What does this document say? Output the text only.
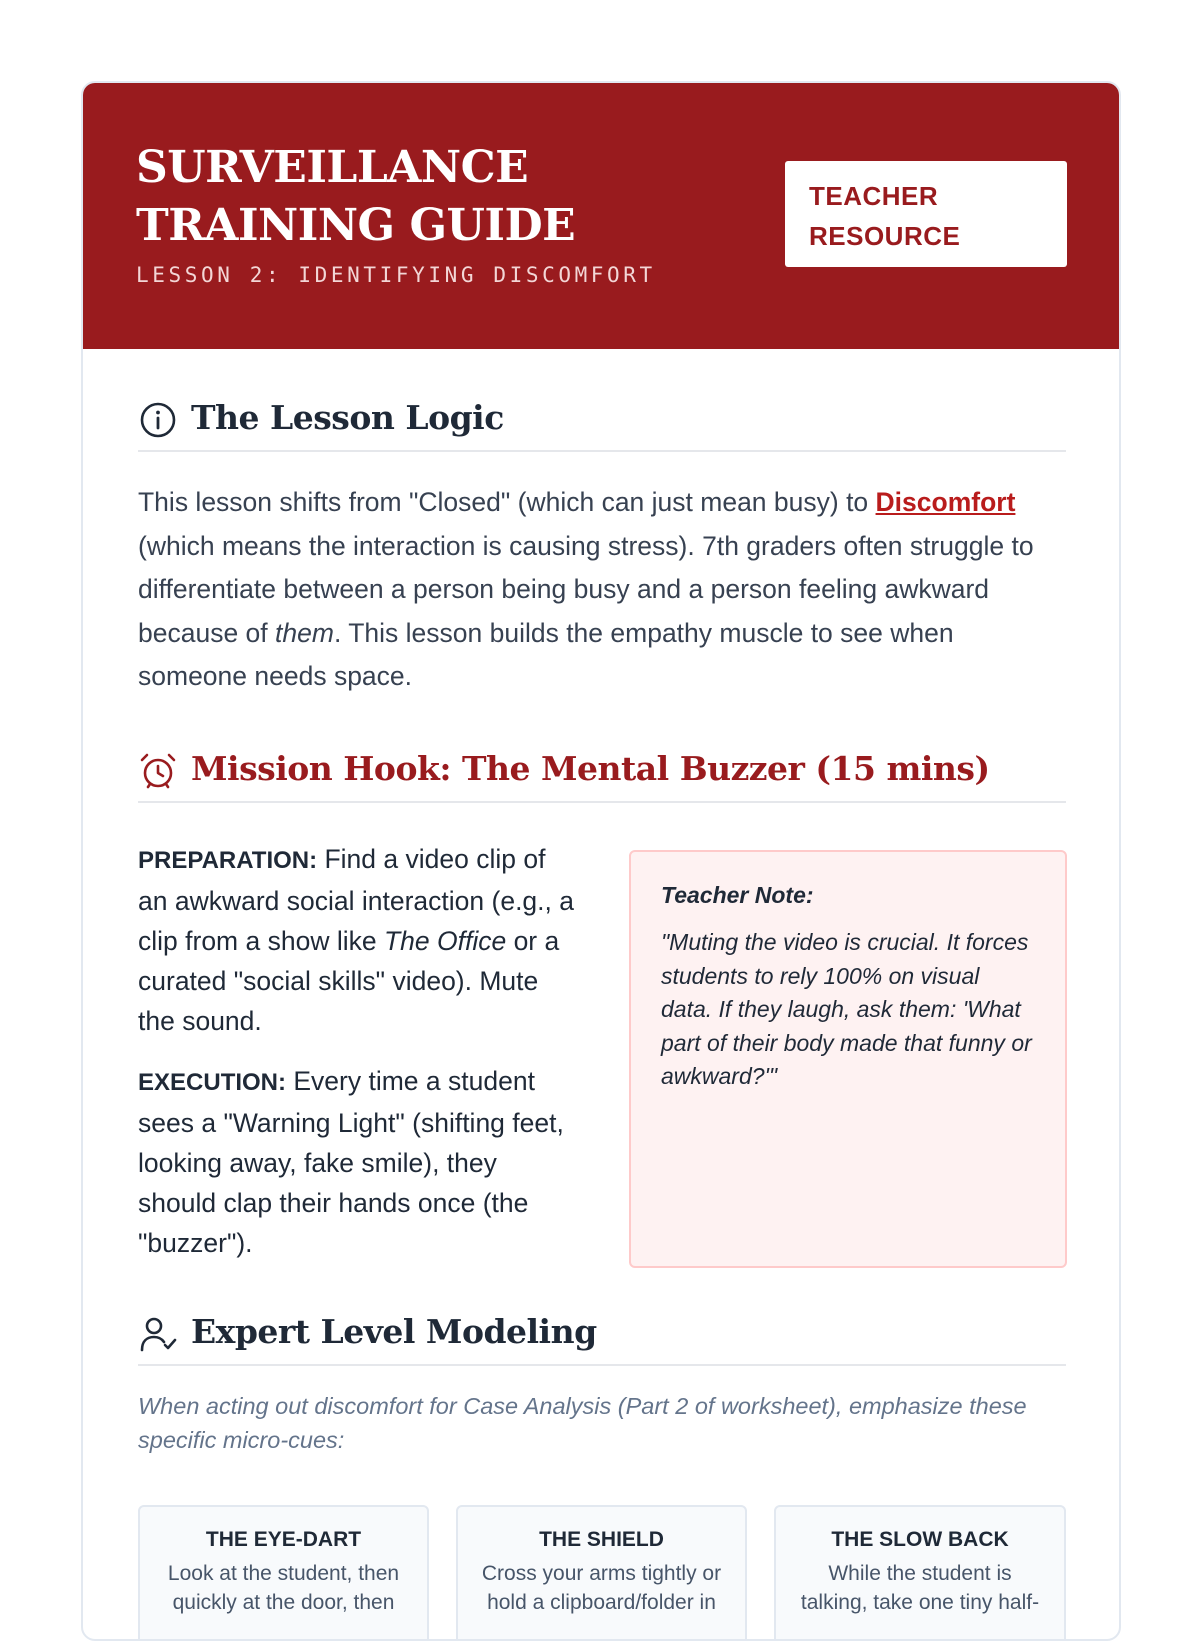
SURVEILLANCE TRAINING GUIDE
LESSON 2: IDENTIFYING DISCOMFORT
TEACHER RESOURCE
The Lesson Logic

This lesson shifts from "Closed" (which can just mean busy) to Discomfort (which means the interaction is causing stress). 7th graders often struggle to differentiate between a person being busy and a person feeling awkward because of them. This lesson builds the empathy muscle to see when someone needs space.

Mission Hook: The Mental Buzzer (15 mins)

PREPARATION: Find a video clip of an awkward social interaction (e.g., a clip from a show like The Office or a curated "social skills" video). Mute the sound.

EXECUTION: Every time a student sees a "Warning Light" (shifting feet, looking away, fake smile), they should clap their hands once (the "buzzer").

Teacher Note:
"Muting the video is crucial. It forces students to rely 100% on visual data. If they laugh, ask them: 'What part of their body made that funny or awkward?'"
Expert Level Modeling

When acting out discomfort for Case Analysis (Part 2 of worksheet), emphasize these specific micro-cues:

THE EYE-DART
Look at the student, then quickly at the door, then
THE SHIELD
Cross your arms tightly or hold a clipboard/folder in
THE SLOW BACK
While the student is talking, take one tiny half-
